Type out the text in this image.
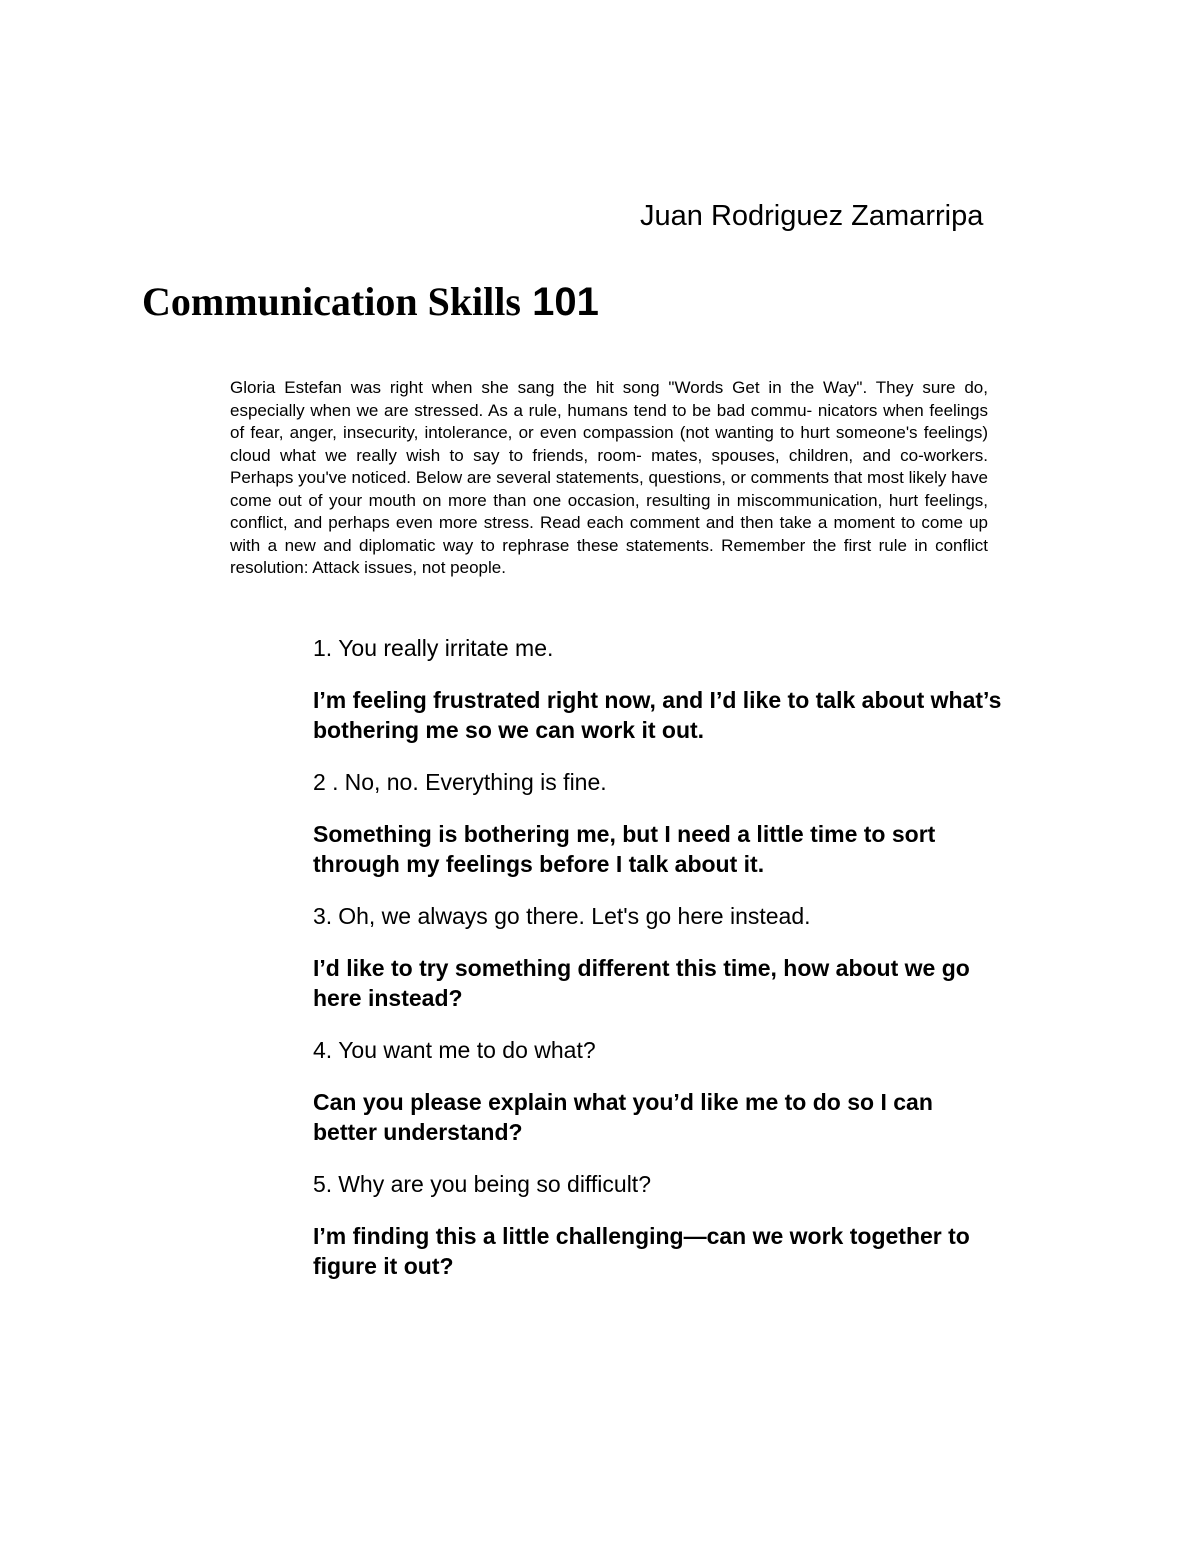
Juan Rodriguez Zamarripa
Communication Skills 101

Gloria Estefan was right when she sang the hit song "Words Get in the Way". They sure do, especially when we are stressed. As a rule, humans tend to be bad commu- nicators when feelings of fear, anger, insecurity, intolerance, or even compassion (not wanting to hurt someone's feelings) cloud what we really wish to say to friends, room- mates, spouses, children, and co-workers. Perhaps you've noticed. Below are several statements, questions, or comments that most likely have come out of your mouth on more than one occasion, resulting in miscommunication, hurt feelings, conflict, and perhaps even more stress. Read each comment and then take a moment to come up with a new and diplomatic way to rephrase these statements. Remember the first rule in conflict resolution: Attack issues, not people.

1. You really irritate me.

I’m feeling frustrated right now, and I’d like to talk about what’s bothering me so we can work it out.

2 . No, no. Everything is fine.

Something is bothering me, but I need a little time to sort through my feelings before I talk about it.

3. Oh, we always go there. Let's go here instead.

I’d like to try something different this time, how about we go here instead?

4. You want me to do what?

Can you please explain what you’d like me to do so I can better understand?

5. Why are you being so difficult?

I’m finding this a little challenging—can we work together to figure it out?
